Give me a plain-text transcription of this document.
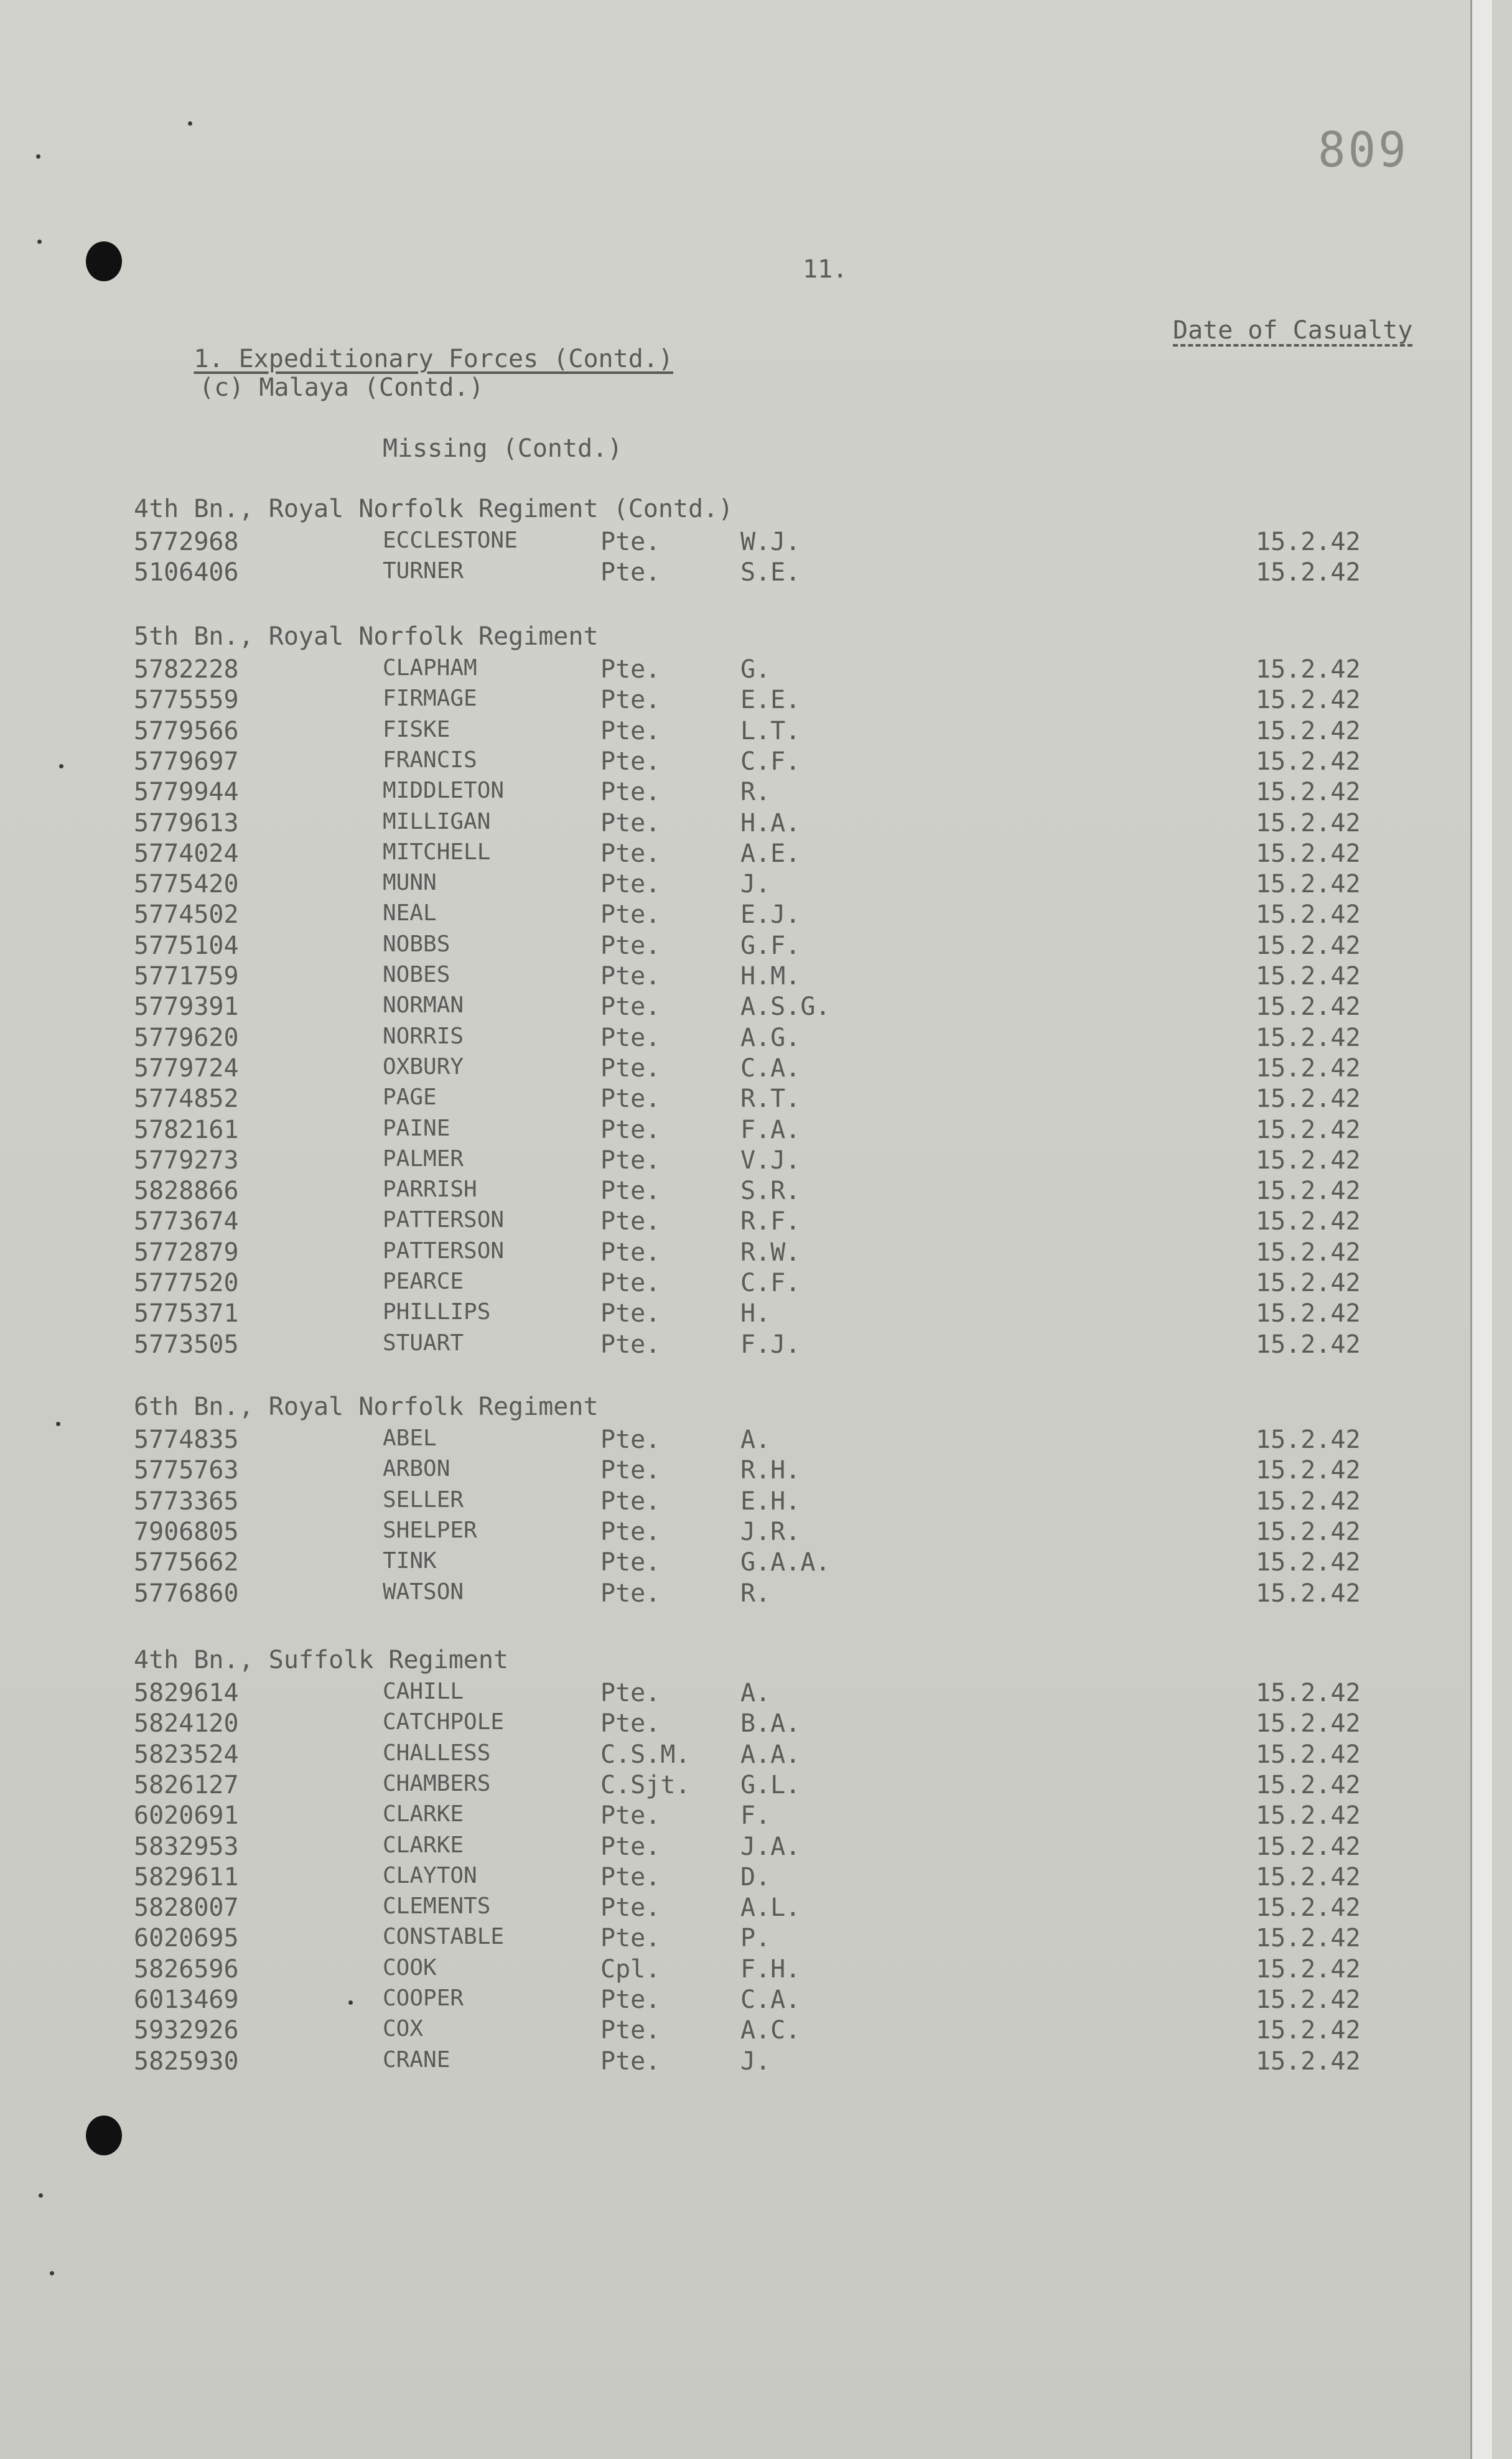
809
11.

1. Expeditionary Forces (Contd.)

Date of Casualty
(c) Malaya (Contd.)
Missing (Contd.)
4th Bn., Royal Norfolk Regiment (Contd.)
5772968	ECCLESTONE	Pte.	W.J.	15.2.42
5106406	TURNER	Pte.	S.E.	15.2.42
5th Bn., Royal Norfolk Regiment
5782228	CLAPHAM	Pte.	G.	15.2.42
5775559	FIRMAGE	Pte.	E.E.	15.2.42
5779566	FISKE	Pte.	L.T.	15.2.42
5779697	FRANCIS	Pte.	C.F.	15.2.42
5779944	MIDDLETON	Pte.	R.	15.2.42
5779613	MILLIGAN	Pte.	H.A.	15.2.42
5774024	MITCHELL	Pte.	A.E.	15.2.42
5775420	MUNN	Pte.	J.	15.2.42
5774502	NEAL	Pte.	E.J.	15.2.42
5775104	NOBBS	Pte.	G.F.	15.2.42
5771759	NOBES	Pte.	H.M.	15.2.42
5779391	NORMAN	Pte.	A.S.G.	15.2.42
5779620	NORRIS	Pte.	A.G.	15.2.42
5779724	OXBURY	Pte.	C.A.	15.2.42
5774852	PAGE	Pte.	R.T.	15.2.42
5782161	PAINE	Pte.	F.A.	15.2.42
5779273	PALMER	Pte.	V.J.	15.2.42
5828866	PARRISH	Pte.	S.R.	15.2.42
5773674	PATTERSON	Pte.	R.F.	15.2.42
5772879	PATTERSON	Pte.	R.W.	15.2.42
5777520	PEARCE	Pte.	C.F.	15.2.42
5775371	PHILLIPS	Pte.	H.	15.2.42
5773505	STUART	Pte.	F.J.	15.2.42
6th Bn., Royal Norfolk Regiment
5774835	ABEL	Pte.	A.	15.2.42
5775763	ARBON	Pte.	R.H.	15.2.42
5773365	SELLER	Pte.	E.H.	15.2.42
7906805	SHELPER	Pte.	J.R.	15.2.42
5775662	TINK	Pte.	G.A.A.	15.2.42
5776860	WATSON	Pte.	R.	15.2.42
4th Bn., Suffolk Regiment
5829614	CAHILL	Pte.	A.	15.2.42
5824120	CATCHPOLE	Pte.	B.A.	15.2.42
5823524	CHALLESS	C.S.M. A.A.	15.2.42
5826127	CHAMBERS	C.Sjt. G.L.	15.2.42
6020691	CLARKE	Pte.	F.	15.2.42
5832953	CLARKE	Pte.	J.A.	15.2.42
5829611	CLAYTON	Pte.	D.	15.2.42
5828007	CLEMENTS	Pte.	A.L.	15.2.42
6020695	CONSTABLE	Pte.	P.	15.2.42
5826596	COOK	Cpl.	F.H.	15.2.42
6013469	COOPER	Pte.	C.A.	15.2.42
5932926	COX	Pte.	A.C.	15.2.42
5825930	CRANE	Pte.	J.	15.2.42
